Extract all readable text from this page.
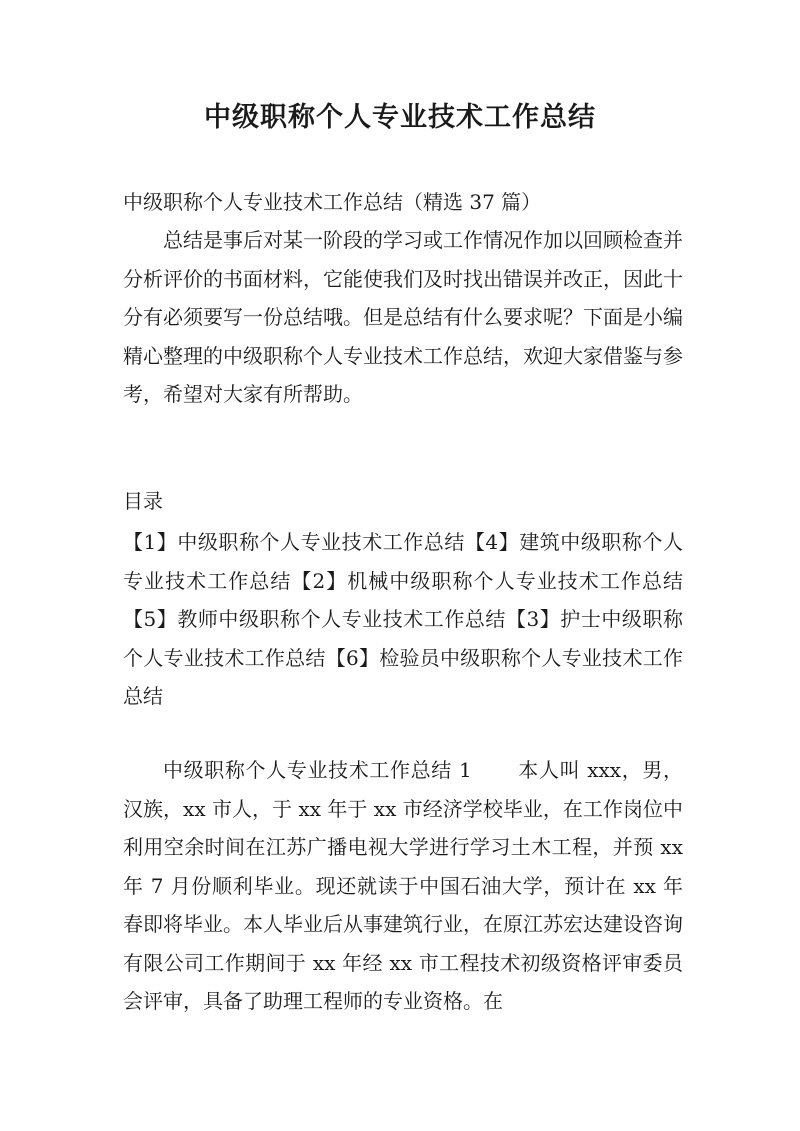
中级职称个人专业技术工作总结
中级职称个人专业技术工作总结（精选 37 篇）
总结是事后对某一阶段的学习或工作情况作加以回顾检查并分析评价的书面材料，它能使我们及时找出错误并改正，因此十分有必须要写一份总结哦。但是总结有什么要求呢？下面是小编精心整理的中级职称个人专业技术工作总结，欢迎大家借鉴与参考，希望对大家有所帮助。
目录
【1】中级职称个人专业技术工作总结【4】建筑中级职称个人专业技术工作总结【2】机械中级职称个人专业技术工作总结【5】教师中级职称个人专业技术工作总结【3】护士中级职称个人专业技术工作总结【6】检验员中级职称个人专业技术工作总结
中级职称个人专业技术工作总结 1 本人叫 xxx，男，汉族，xx 市人，于 xx 年于 xx 市经济学校毕业，在工作岗位中利用空余时间在江苏广播电视大学进行学习土木工程，并预 xx 年 7 月份顺利毕业。现还就读于中国石油大学，预计在 xx 年春即将毕业。本人毕业后从事建筑行业，在原江苏宏达建设咨询有限公司工作期间于 xx 年经 xx 市工程技术初级资格评审委员会评审，具备了助理工程师的专业资格。在
